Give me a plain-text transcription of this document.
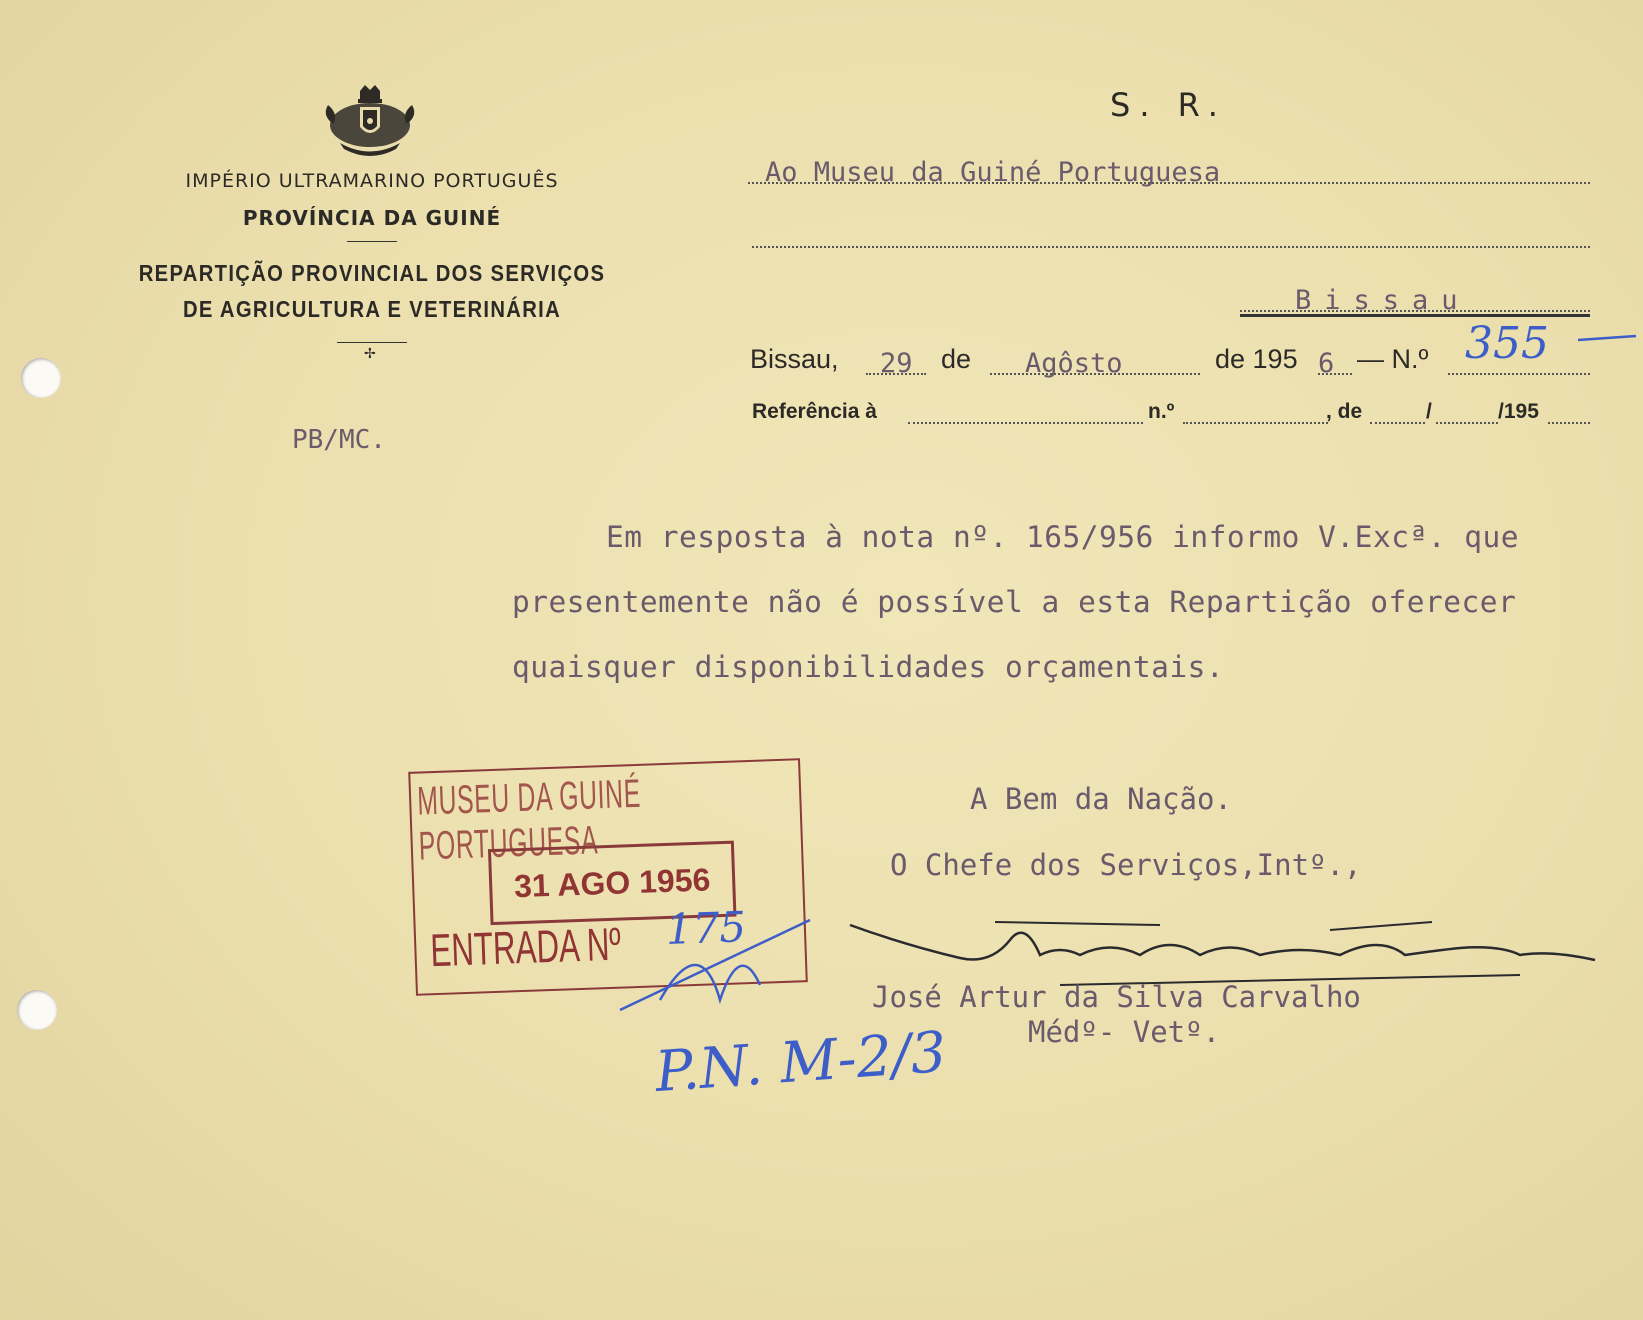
IMPÉRIO ULTRAMARINO PORTUGUÊS
PROVÍNCIA DA GUINÉ
REPARTIÇÃO PROVINCIAL DOS SERVIÇOS
DE AGRICULTURA E VETERINÁRIA
✢
PB/MC.
S. R.
Ao Museu da Guiné Portuguesa
Bissau
Bissau, 29 de Agôsto	de 195 6 — N.º 355
Referência à	n.º	, de	/	/195
Em resposta à nota nº. 165/956 informo V.Excª. que
presentemente não é possível a esta Repartição oferecer
quaisquer disponibilidades orçamentais.
A Bem da Nação.
O Chefe dos Serviços,Intº.,
José Artur da Silva Carvalho
Médº- Vetº.
MUSEU DA GUINÉ PORTUGUESA
31 AGO 1956
ENTRADA Nº 175
P.N. M-2/3
